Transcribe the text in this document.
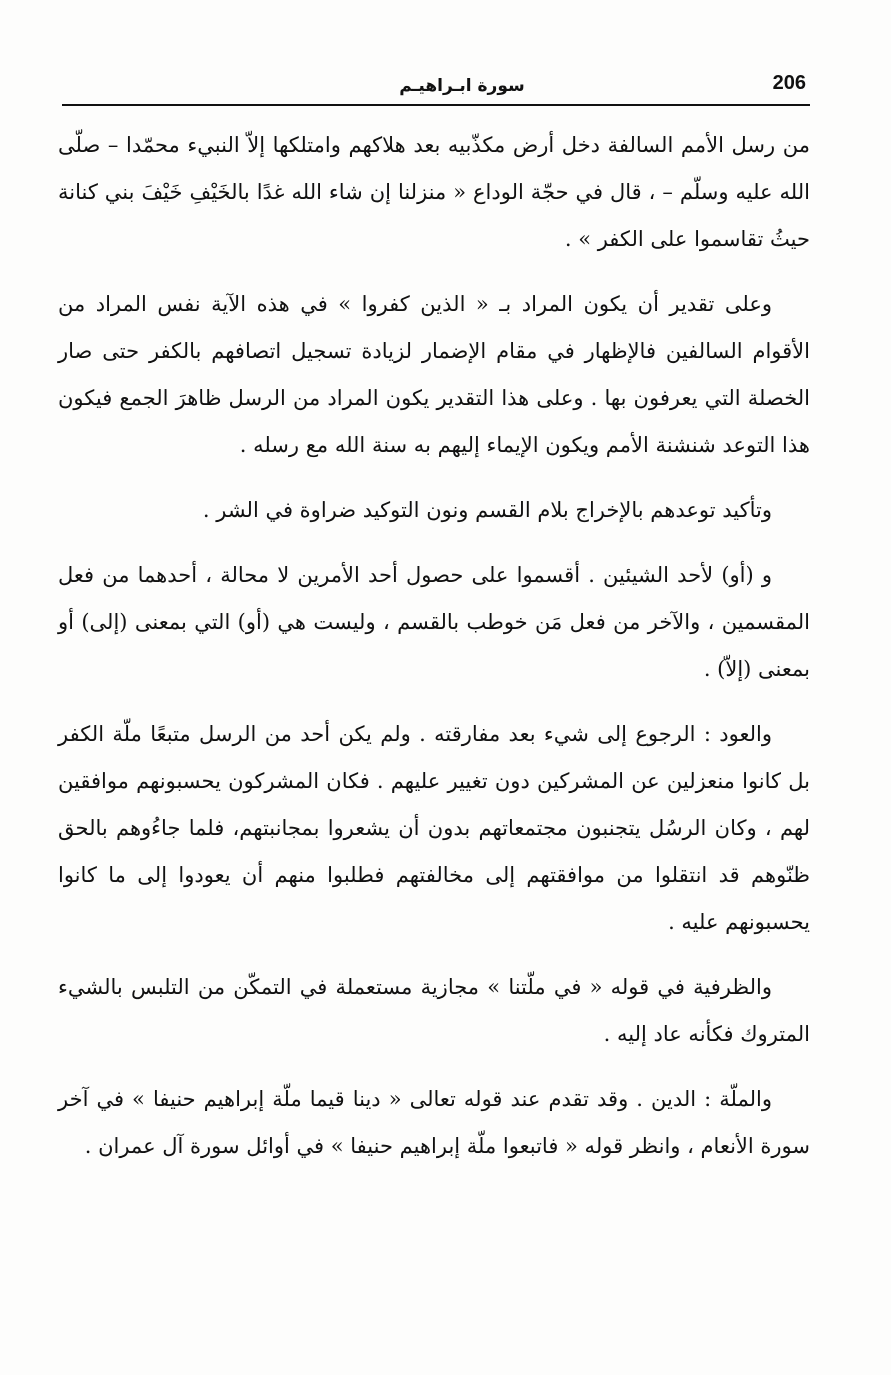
206
سورة ابـراهيـم

من رسل الأمم السالفة دخل أرض مكذّبيه بعد هلاكهم وامتلكها إلاّ النبيء محمّدا – صلّى الله عليه وسلّم – ، قال في حجّة الوداع « منزلنا إن شاء الله غدًا بالخَيْفِ خَيْفَ بني كنانة حيثُ تقاسموا على الكفر » .

وعلى تقدير أن يكون المراد بـ « الذين كفروا » في هذه الآية نفس المراد من الأقوام السالفين فالإظهار في مقام الإضمار لزيادة تسجيل اتصافهم بالكفر حتى صار الخصلة التي يعرفون بها . وعلى هذا التقدير يكون المراد من الرسل ظاهرَ الجمع فيكون هذا التوعد شنشنة الأمم ويكون الإيماء إليهم به سنة الله مع رسله .

وتأكيد توعدهم بالإخراج بلام القسم ونون التوكيد ضراوة في الشر .

و (أو) لأحد الشيئين . أقسموا على حصول أحد الأمرين لا محالة ، أحدهما من فعل المقسمين ، والآخر من فعل مَن خوطب بالقسم ، وليست هي (أو) التي بمعنى (إلى) أو بمعنى (إلاّ) .

والعود : الرجوع إلى شيء بعد مفارقته . ولم يكن أحد من الرسل متبعًا ملّة الكفر بل كانوا منعزلين عن المشركين دون تغيير عليهم . فكان المشركون يحسبونهم موافقين لهم ، وكان الرسُل يتجنبون مجتمعاتهم بدون أن يشعروا بمجانبتهم، فلما جاءُوهم بالحق ظنّوهم قد انتقلوا من موافقتهم إلى مخالفتهم فطلبوا منهم أن يعودوا إلى ما كانوا يحسبونهم عليه .

والظرفية في قوله « في ملّتنا » مجازية مستعملة في التمكّن من التلبس بالشيء المتروك فكأنه عاد إليه .

والملّة : الدين . وقد تقدم عند قوله تعالى « دينا قيما ملّة إبراهيم حنيفا » في آخر سورة الأنعام ، وانظر قوله « فاتبعوا ملّة إبراهيم حنيفا » في أوائل سورة آل عمران .
